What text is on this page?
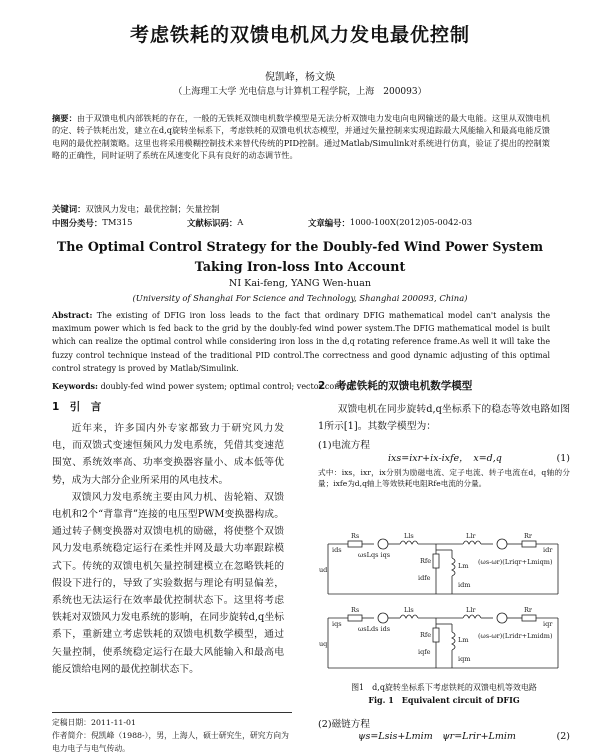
考虑铁耗的双馈电机风力发电最优控制
倪凯峰，杨文焕
（上海理工大学 光电信息与计算机工程学院，上海　200093）
摘要：由于双馈电机内部铁耗的存在，一般的无铁耗双馈电机数学模型是无法分析双馈电力发电向电网输送的最大电能。这里从双馈电机的定、转子铁耗出发，建立在d,q旋转坐标系下，考虑铁耗的双馈电机状态模型，并通过矢量控制来实现追踪最大风能输入和最高电能反馈电网的最优控制策略。这里也将采用模糊控制技术来替代传统的PID控制。通过Matlab/Simulink对系统进行仿真，验证了提出的控制策略的正确性，同时证明了系统在风速变化下具有良好的动态调节性。
关键词：双馈风力发电；最优控制；矢量控制
中图分类号： TM315	文献标识码： A	文章编号： 1000-100X(2012)05-0042-03
The Optimal Control Strategy for the Doubly-fed Wind Power System
Taking Iron-loss Into Account
NI Kai-feng, YANG Wen-huan
(University of Shanghai For Science and Technology, Shanghai 200093, China)
Abstract: The existing of DFIG iron loss leads to the fact that ordinary DFIG mathematical model can't analysis the maximum power which is fed back to the grid by the doubly-fed wind power system.The DFIG mathematical model is built which can realize the optimal control while considering iron loss in the d,q rotating reference frame.As well it will take the fuzzy control technique instead of the traditional PID control.The correctness and good dynamic adjusting of this optimal control strategy is proved by Matlab/Simulink.
Keywords: doubly-fed wind power system; optimal control; vector control
1　引　言

近年来，许多国内外专家都致力于研究风力发电，而双馈式变速恒频风力发电系统，凭借其变速范围宽、系统效率高、功率变换器容量小、成本低等优势，成为大部分企业所采用的风电技术。

双馈风力发电系统主要由风力机、齿轮箱、双馈电机和2个“背靠背”连接的电压型PWM变换器构成。通过转子侧变换器对双馈电机的励磁，将使整个双馈风力发电系统稳定运行在柔性并网及最大功率跟踪模式下。传统的双馈电机矢量控制建模立在忽略铁耗的假设下进行的，导致了实验数据与理论有明显偏差，系统也无法运行在效率最优控制状态下。这里将考虑铁耗对双馈风力发电系统的影响，在同步旋转d,q坐标系下，重新建立考虑铁耗的双馈电机数学模型，通过矢量控制，使系统稳定运行在最大风能输入和最高电能反馈给电网的最优控制状态下。

定稿日期：2011-11-01
作者简介：倪凯峰（1988-），男，上海人，硕士研究生，研究方向为电力电子与电气传动。
2　考虑铁耗的双馈电机数学模型

双馈电机在同步旋转d,q坐标系下的稳态等效电路如图1所示[1]。其数学模型为：

(1)电流方程
ixs=ixr+ix-ixfe，　x=d,q	(1)
式中：ixs，ixr，ix分别为励磁电流、定子电流、转子电流在d，q轴的分量；ixfe为d,q轴上等效铁耗电阻Rfe电流的分量。
Rs	Lls	Llr	Rr
ids	idr
ud
Rfe
Lm
ωsLqs iqs
(ωs-ωr)(Lriqr+Lmiqm)
idfe
idm
Rs	Lls	Llr	Rr
iqs	iqr
uq
Rfe
Lm
ωsLds ids
(ωs-ωr)(Lridr+Lmidm)
iqfe
iqm
图1　d,q旋转坐标系下考虑铁耗的双馈电机等效电路
Fig. 1　Equivalent circuit of DFIG
(2)磁链方程
ψs=Lsis+Lmim　ψr=Lrir+Lmim	(2)
